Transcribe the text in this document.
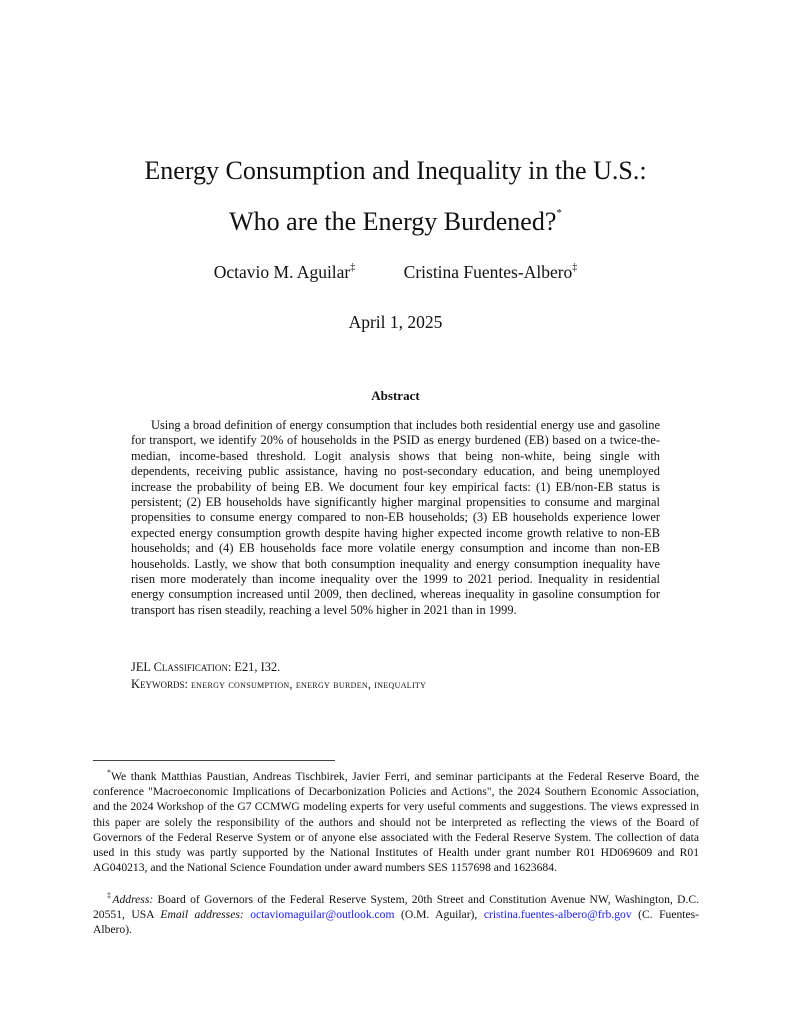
Energy Consumption and Inequality in the U.S.:
Who are the Energy Burdened?*
Octavio M. Aguilar‡	Cristina Fuentes-Albero‡
April 1, 2025
Abstract

Using a broad definition of energy consumption that includes both residential energy use and gasoline for transport, we identify 20% of households in the PSID as energy burdened (EB) based on a twice-the-median, income-based threshold. Logit analysis shows that being non-white, being single with dependents, receiving public assistance, having no post-secondary education, and being unemployed increase the probability of being EB. We document four key empirical facts: (1) EB/non-EB status is persistent; (2) EB households have significantly higher marginal propensities to consume and marginal propensities to consume energy compared to non-EB households; (3) EB households experience lower expected energy consumption growth despite having higher expected income growth relative to non-EB households; and (4) EB households face more volatile energy consumption and income than non-EB households. Lastly, we show that both consumption inequality and energy consumption inequality have risen more moderately than income inequality over the 1999 to 2021 period. Inequality in residential energy consumption increased until 2009, then declined, whereas inequality in gasoline consumption for transport has risen steadily, reaching a level 50% higher in 2021 than in 1999.

JEL Classification: E21, I32.
Keywords: energy consumption, energy burden, inequality

*We thank Matthias Paustian, Andreas Tischbirek, Javier Ferri, and seminar participants at the Federal Reserve Board, the conference "Macroeconomic Implications of Decarbonization Policies and Actions", the 2024 Southern Economic Association, and the 2024 Workshop of the G7 CCMWG modeling experts for very useful comments and suggestions. The views expressed in this paper are solely the responsibility of the authors and should not be interpreted as reflecting the views of the Board of Governors of the Federal Reserve System or of anyone else associated with the Federal Reserve System. The collection of data used in this study was partly supported by the National Institutes of Health under grant number R01 HD069609 and R01 AG040213, and the National Science Foundation under award numbers SES 1157698 and 1623684.

‡Address: Board of Governors of the Federal Reserve System, 20th Street and Constitution Avenue NW, Washington, D.C. 20551, USA Email addresses: octaviomaguilar@outlook.com (O.M. Aguilar), cristina.fuentes-albero@frb.gov (C. Fuentes-Albero).
